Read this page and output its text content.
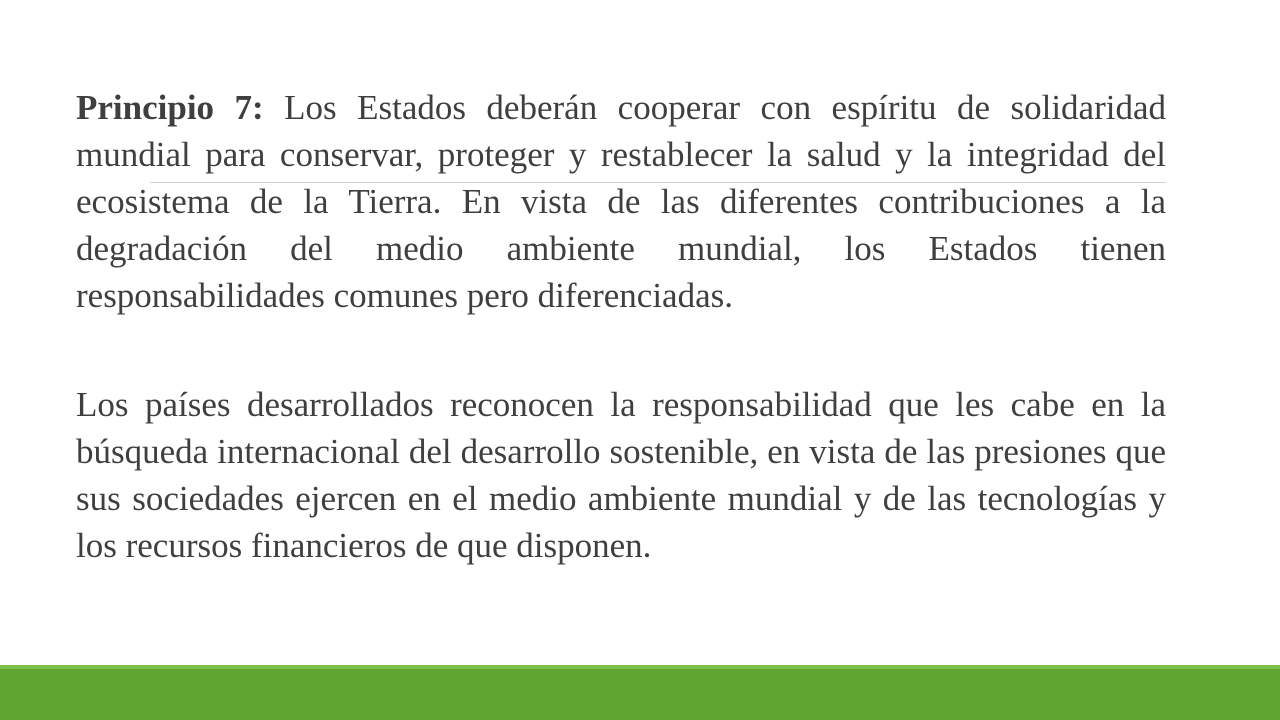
Principio 7: Los Estados deberán cooperar con espíritu de solidaridad mundial para conservar, proteger y restablecer la salud y la integridad del ecosistema de la Tierra. En vista de las diferentes contribuciones a la degradación del medio ambiente mundial, los Estados tienen responsabilidades comunes pero diferenciadas.

Los países desarrollados reconocen la responsabilidad que les cabe en la búsqueda internacional del desarrollo sostenible, en vista de las presiones que sus sociedades ejercen en el medio ambiente mundial y de las tecnologías y los recursos financieros de que disponen.
